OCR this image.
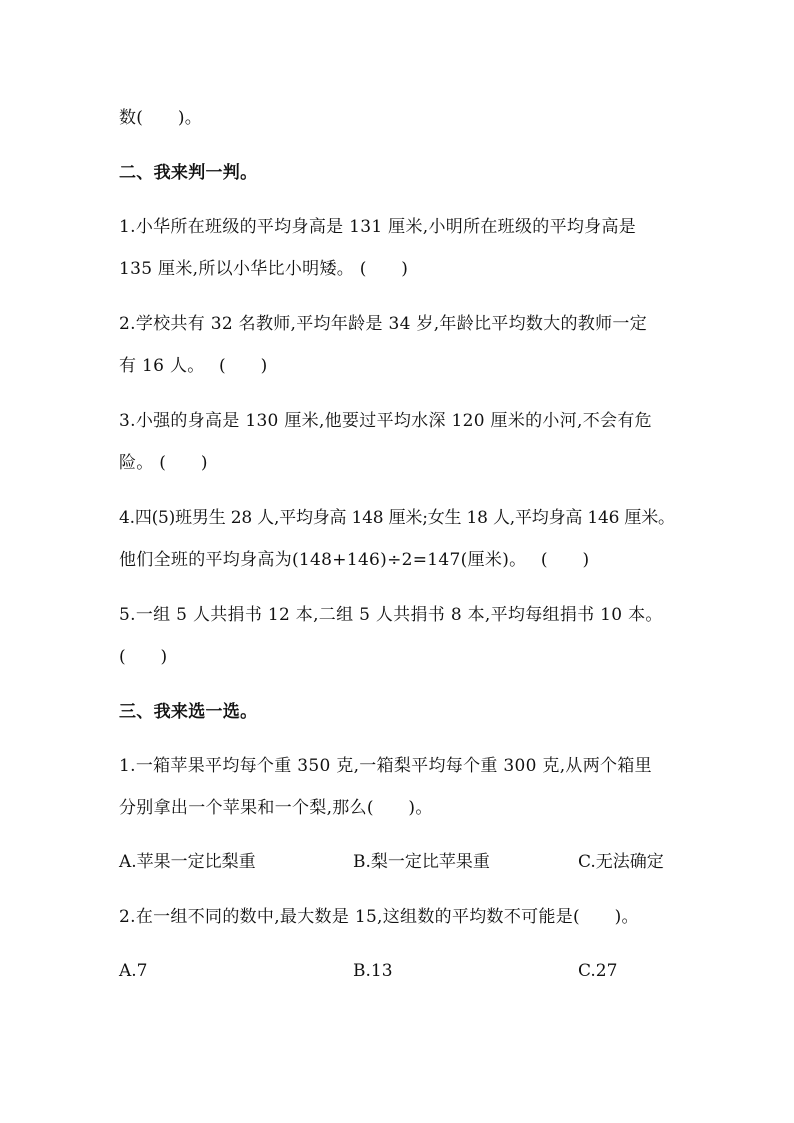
数(　　)。
二、我来判一判。
1.小华所在班级的平均身高是 131 厘米,小明所在班级的平均身高是
135 厘米,所以小华比小明矮。 (　　)
2.学校共有 32 名教师,平均年龄是 34 岁,年龄比平均数大的教师一定
有 16 人。　 (　　)
3.小强的身高是 130 厘米,他要过平均水深 120 厘米的小河,不会有危
险。 (　　)
4.四(5)班男生 28 人,平均身高 148 厘米;女生 18 人,平均身高 146 厘米。
他们全班的平均身高为(148+146)÷2=147(厘米)。　 (　　)
5.一组 5 人共捐书 12 本,二组 5 人共捐书 8 本,平均每组捐书 10 本。
(　　)
三、我来选一选。
1.一箱苹果平均每个重 350 克,一箱梨平均每个重 300 克,从两个箱里
分别拿出一个苹果和一个梨,那么(　　)。
A.苹果一定比梨重	B.梨一定比苹果重	C.无法确定
2.在一组不同的数中,最大数是 15,这组数的平均数不可能是(　　)。
A.7	B.13	C.27
